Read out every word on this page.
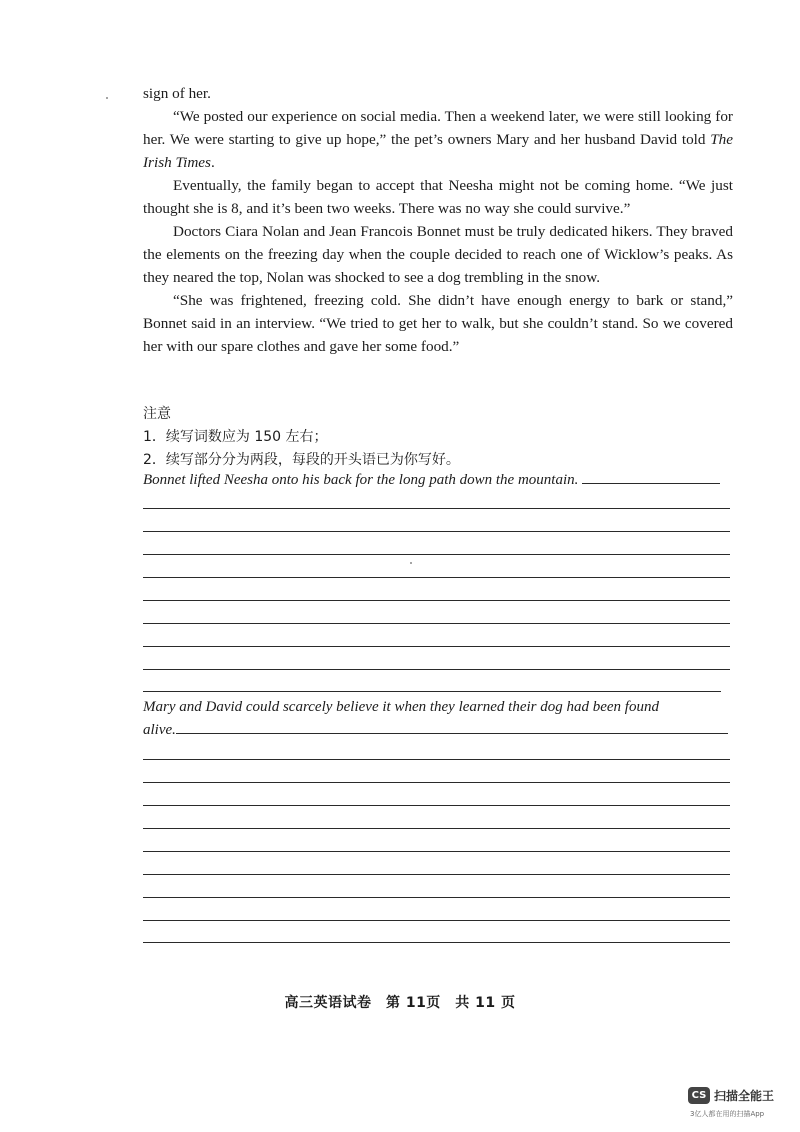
sign of her.

“We posted our experience on social media. Then a weekend later, we were still looking for her. We were starting to give up hope,” the pet’s owners Mary and her husband David told The Irish Times.

Eventually, the family began to accept that Neesha might not be coming home. “We just thought she is 8, and it’s been two weeks. There was no way she could survive.”

Doctors Ciara Nolan and Jean Francois Bonnet must be truly dedicated hikers. They braved the elements on the freezing day when the couple decided to reach one of Wicklow’s peaks. As they neared the top, Nolan was shocked to see a dog trembling in the snow.

“She was frightened, freezing cold. She didn’t have enough energy to bark or stand,” Bonnet said in an interview. “We tried to get her to walk, but she couldn’t stand. So we covered her with our spare clothes and gave her some food.”

注意
1．续写词数应为 150 左右；
2．续写部分分为两段，每段的开头语已为你写好。

Bonnet lifted Neesha onto his back for the long path down the mountain.

Mary and David could scarcely believe it when they learned their dog had been found

alive.

高三英语试卷　第 11页　共 11 页
CS 扫描全能王
3亿人都在用的扫描App
